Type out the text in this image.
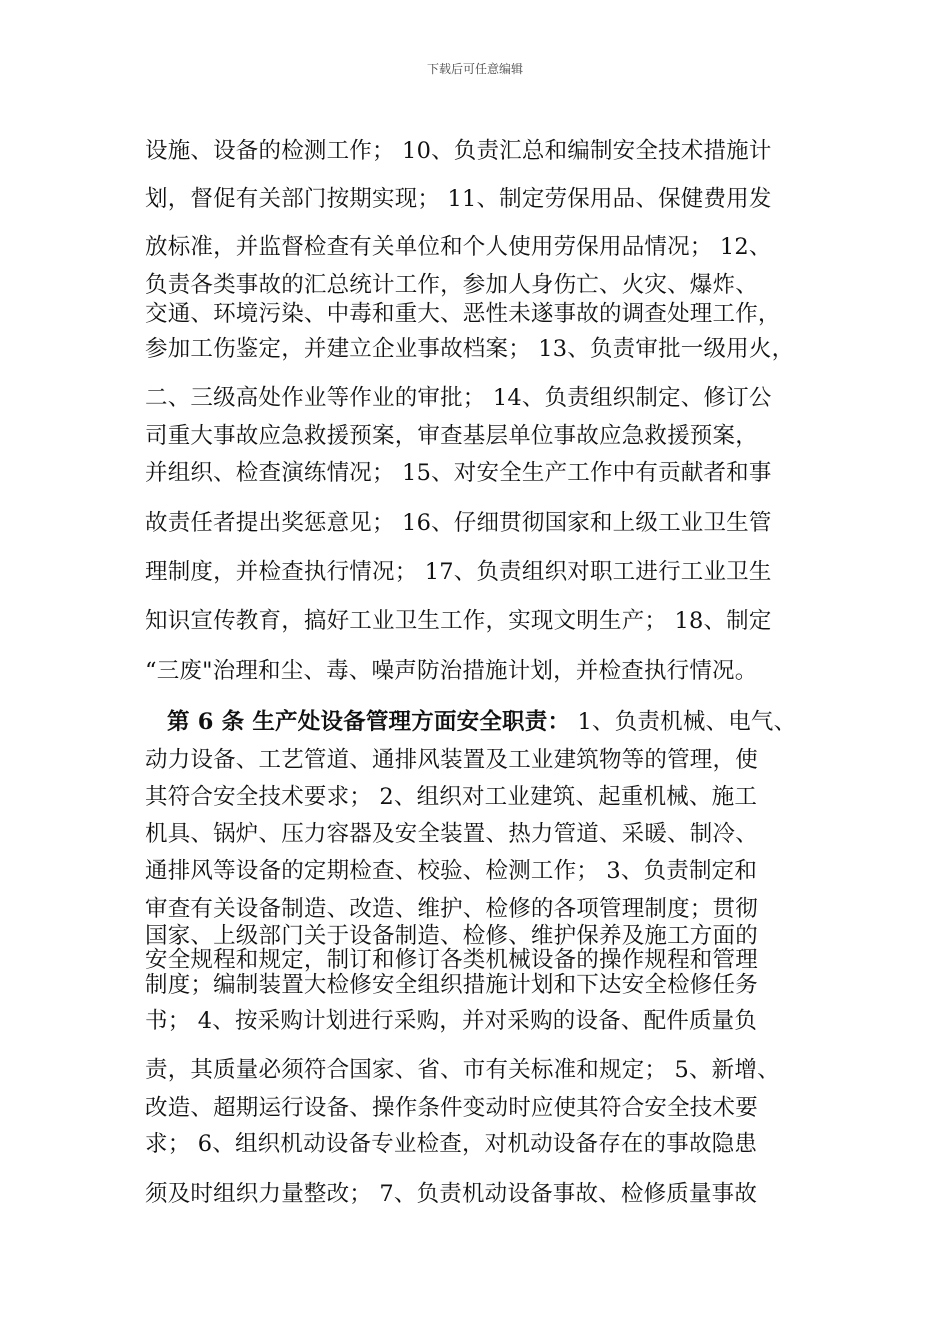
下载后可任意编辑
设施、设备的检测工作； 10、负责汇总和编制安全技术措施计
划，督促有关部门按期实现； 11、制定劳保用品、保健费用发
放标准，并监督检查有关单位和个人使用劳保用品情况； 12、
负责各类事故的汇总统计工作，参加人身伤亡、火灾、爆炸、
交通、环境污染、中毒和重大、恶性未遂事故的调查处理工作，
参加工伤鉴定，并建立企业事故档案； 13、负责审批一级用火，
二、三级高处作业等作业的审批； 14、负责组织制定、修订公
司重大事故应急救援预案，审查基层单位事故应急救援预案，
并组织、检查演练情况； 15、对安全生产工作中有贡献者和事
故责任者提出奖惩意见； 16、仔细贯彻国家和上级工业卫生管
理制度，并检查执行情况； 17、负责组织对职工进行工业卫生
知识宣传教育，搞好工业卫生工作，实现文明生产； 18、制定
“三废"治理和尘、毒、噪声防治措施计划，并检查执行情况。
第 6 条 生产处设备管理方面安全职责： 1、负责机械、电气、
动力设备、工艺管道、通排风装置及工业建筑物等的管理，使
其符合安全技术要求； 2、组织对工业建筑、起重机械、施工
机具、锅炉、压力容器及安全装置、热力管道、采暖、制冷、
通排风等设备的定期检查、校验、检测工作； 3、负责制定和
审查有关设备制造、改造、维护、检修的各项管理制度；贯彻
国家、上级部门关于设备制造、检修、维护保养及施工方面的
安全规程和规定，制订和修订各类机械设备的操作规程和管理
制度；编制装置大检修安全组织措施计划和下达安全检修任务
书； 4、按采购计划进行采购，并对采购的设备、配件质量负
责，其质量必须符合国家、省、市有关标准和规定； 5、新增、
改造、超期运行设备、操作条件变动时应使其符合安全技术要
求； 6、组织机动设备专业检查，对机动设备存在的事故隐患
须及时组织力量整改； 7、负责机动设备事故、检修质量事故
